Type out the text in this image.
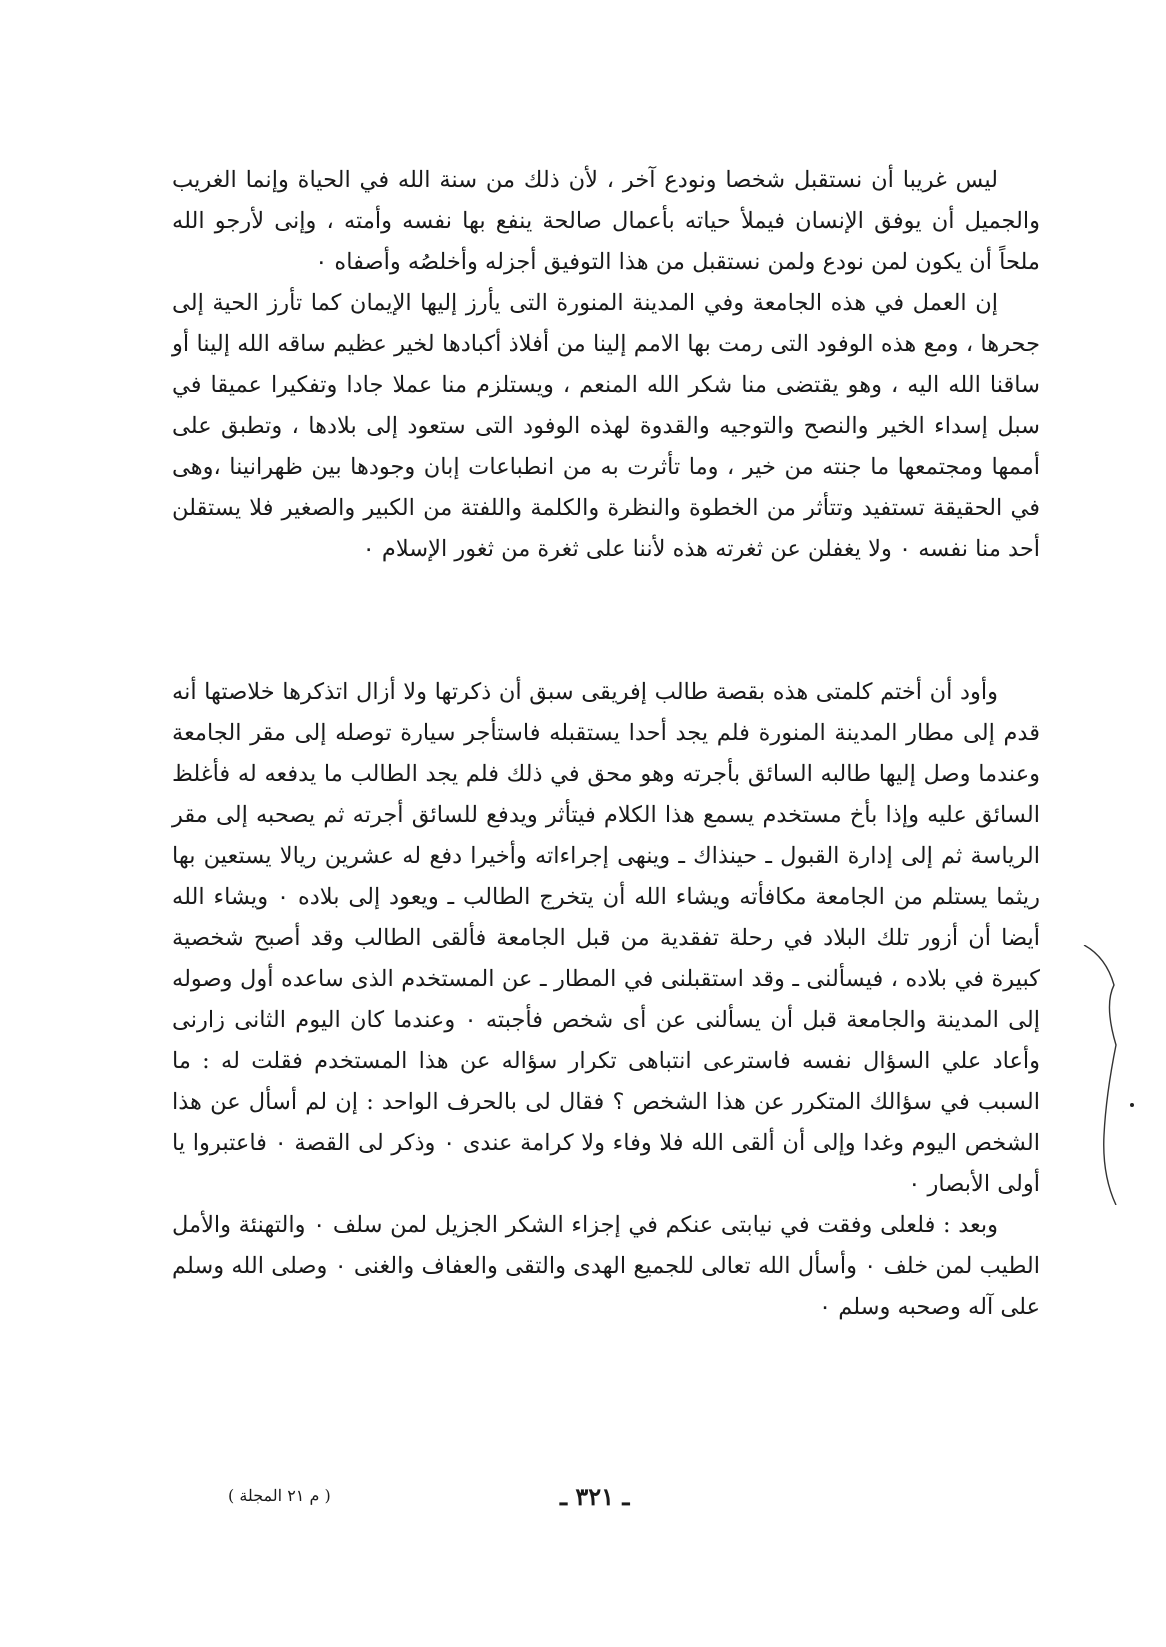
ليس غريبا أن نستقبل شخصا ونودع آخر ، لأن ذلك من سنة الله في الحياة وإنما الغريب والجميل أن يوفق الإنسان فيملأ حياته بأعمال صالحة ينفع بها نفسه وأمته ، وإنى لأرجو الله ملحاً أن يكون لمن نودع ولمن نستقبل من هذا التوفيق أجزله وأخلصُه وأصفاه ٠

إن العمل في هذه الجامعة وفي المدينة المنورة التى يأرز إليها الإيمان كما تأرز الحية إلى جحرها ، ومع هذه الوفود التى رمت بها الامم إلينا من أفلاذ أكبادها لخير عظيم ساقه الله إلينا أو ساقنا الله اليه ، وهو يقتضى منا شكر الله المنعم ، ويستلزم منا عملا جادا وتفكيرا عميقا في سبل إسداء الخير والنصح والتوجيه والقدوة لهذه الوفود التى ستعود إلى بلادها ، وتطبق على أممها ومجتمعها ما جنته من خير ، وما تأثرت به من انطباعات إبان وجودها بين ظهرانينا ،وهى في الحقيقة تستفيد وتتأثر من الخطوة والنظرة والكلمة واللفتة من الكبير والصغير فلا يستقلن أحد منا نفسه ٠ ولا يغفلن عن ثغرته هذه لأننا على ثغرة من ثغور الإسلام ٠

وأود أن أختم كلمتى هذه بقصة طالب إفريقى سبق أن ذكرتها ولا أزال اتذكرها خلاصتها أنه قدم إلى مطار المدينة المنورة فلم يجد أحدا يستقبله فاستأجر سيارة توصله إلى مقر الجامعة وعندما وصل إليها طالبه السائق بأجرته وهو محق في ذلك فلم يجد الطالب ما يدفعه له فأغلظ السائق عليه وإذا بأخ مستخدم يسمع هذا الكلام فيتأثر ويدفع للسائق أجرته ثم يصحبه إلى مقر الرياسة ثم إلى إدارة القبول ـ حينذاك ـ وينهى إجراءاته وأخيرا دفع له عشرين ريالا يستعين بها ريثما يستلم من الجامعة مكافأته ويشاء الله أن يتخرج الطالب ـ ويعود إلى بلاده ٠ ويشاء الله أيضا أن أزور تلك البلاد في رحلة تفقدية من قبل الجامعة فألقى الطالب وقد أصبح شخصية كبيرة في بلاده ، فيسألنى ـ وقد استقبلنى في المطار ـ عن المستخدم الذى ساعده أول وصوله إلى المدينة والجامعة قبل أن يسألنى عن أى شخص فأجبته ٠ وعندما كان اليوم الثانى زارنى وأعاد علي السؤال نفسه فاسترعى انتباهى تكرار سؤاله عن هذا المستخدم فقلت له : ما السبب في سؤالك المتكرر عن هذا الشخص ؟ فقال لى بالحرف الواحد : إن لم أسأل عن هذا الشخص اليوم وغدا وإلى أن ألقى الله فلا وفاء ولا كرامة عندى ٠ وذكر لى القصة ٠ فاعتبروا يا أولى الأبصار ٠

وبعد : فلعلى وفقت في نيابتى عنكم في إجزاء الشكر الجزيل لمن سلف ٠ والتهنئة والأمل الطيب لمن خلف ٠ وأسأل الله تعالى للجميع الهدى والتقى والعفاف والغنى ٠ وصلى الله وسلم على آله وصحبه وسلم ٠

ـ ٣٢١ ـ
( م ٢١ المجلة )
